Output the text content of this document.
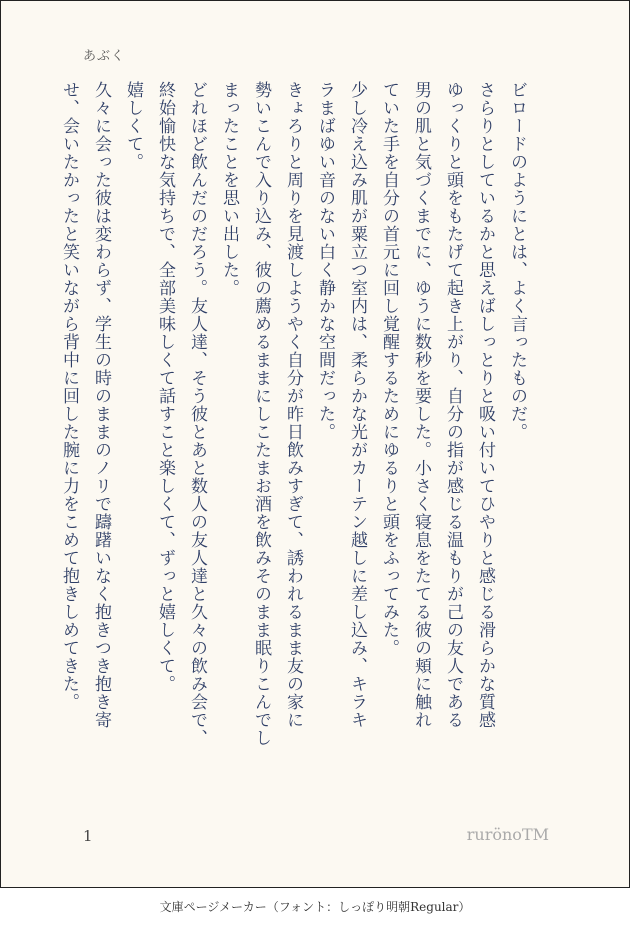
あぶく

ビロードのようにとは、よく言ったものだ。

さらりとしているかと思えばしっとりと吸い付いてひやりと感じる滑らかな質感

ゆっくりと頭をもたげて起き上がり、自分の指が感じる温もりが己の友人である

男の肌と気づくまでに、ゆうに数秒を要した。小さく寝息をたてる彼の頬に触れ

ていた手を自分の首元に回し覚醒するためにゆるりと頭をふってみた。

少し冷え込み肌が粟立つ室内は、柔らかな光がカーテン越しに差し込み、キラキ

ラまばゆい音のない白く静かな空間だった。

きょろりと周りを見渡しようやく自分が昨日飲みすぎて、誘われるまま友の家に

勢いこんで入り込み、彼の薦めるままにしこたまお酒を飲みそのまま眠りこんでし

まったことを思い出した。

どれほど飲んだのだろう。友人達、そう彼とあと数人の友人達と久々の飲み会で、

終始愉快な気持ちで、全部美味しくて話すこと楽しくて、ずっと嬉しくて。

嬉しくて。

久々に会った彼は変わらず、学生の時のままのノリで躊躇いなく抱きつき抱き寄

せ、会いたかったと笑いながら背中に回した腕に力をこめて抱きしめてきた。

1	rurönoTM
文庫ページメーカー（フォント：しっぽり明朝Regular）
